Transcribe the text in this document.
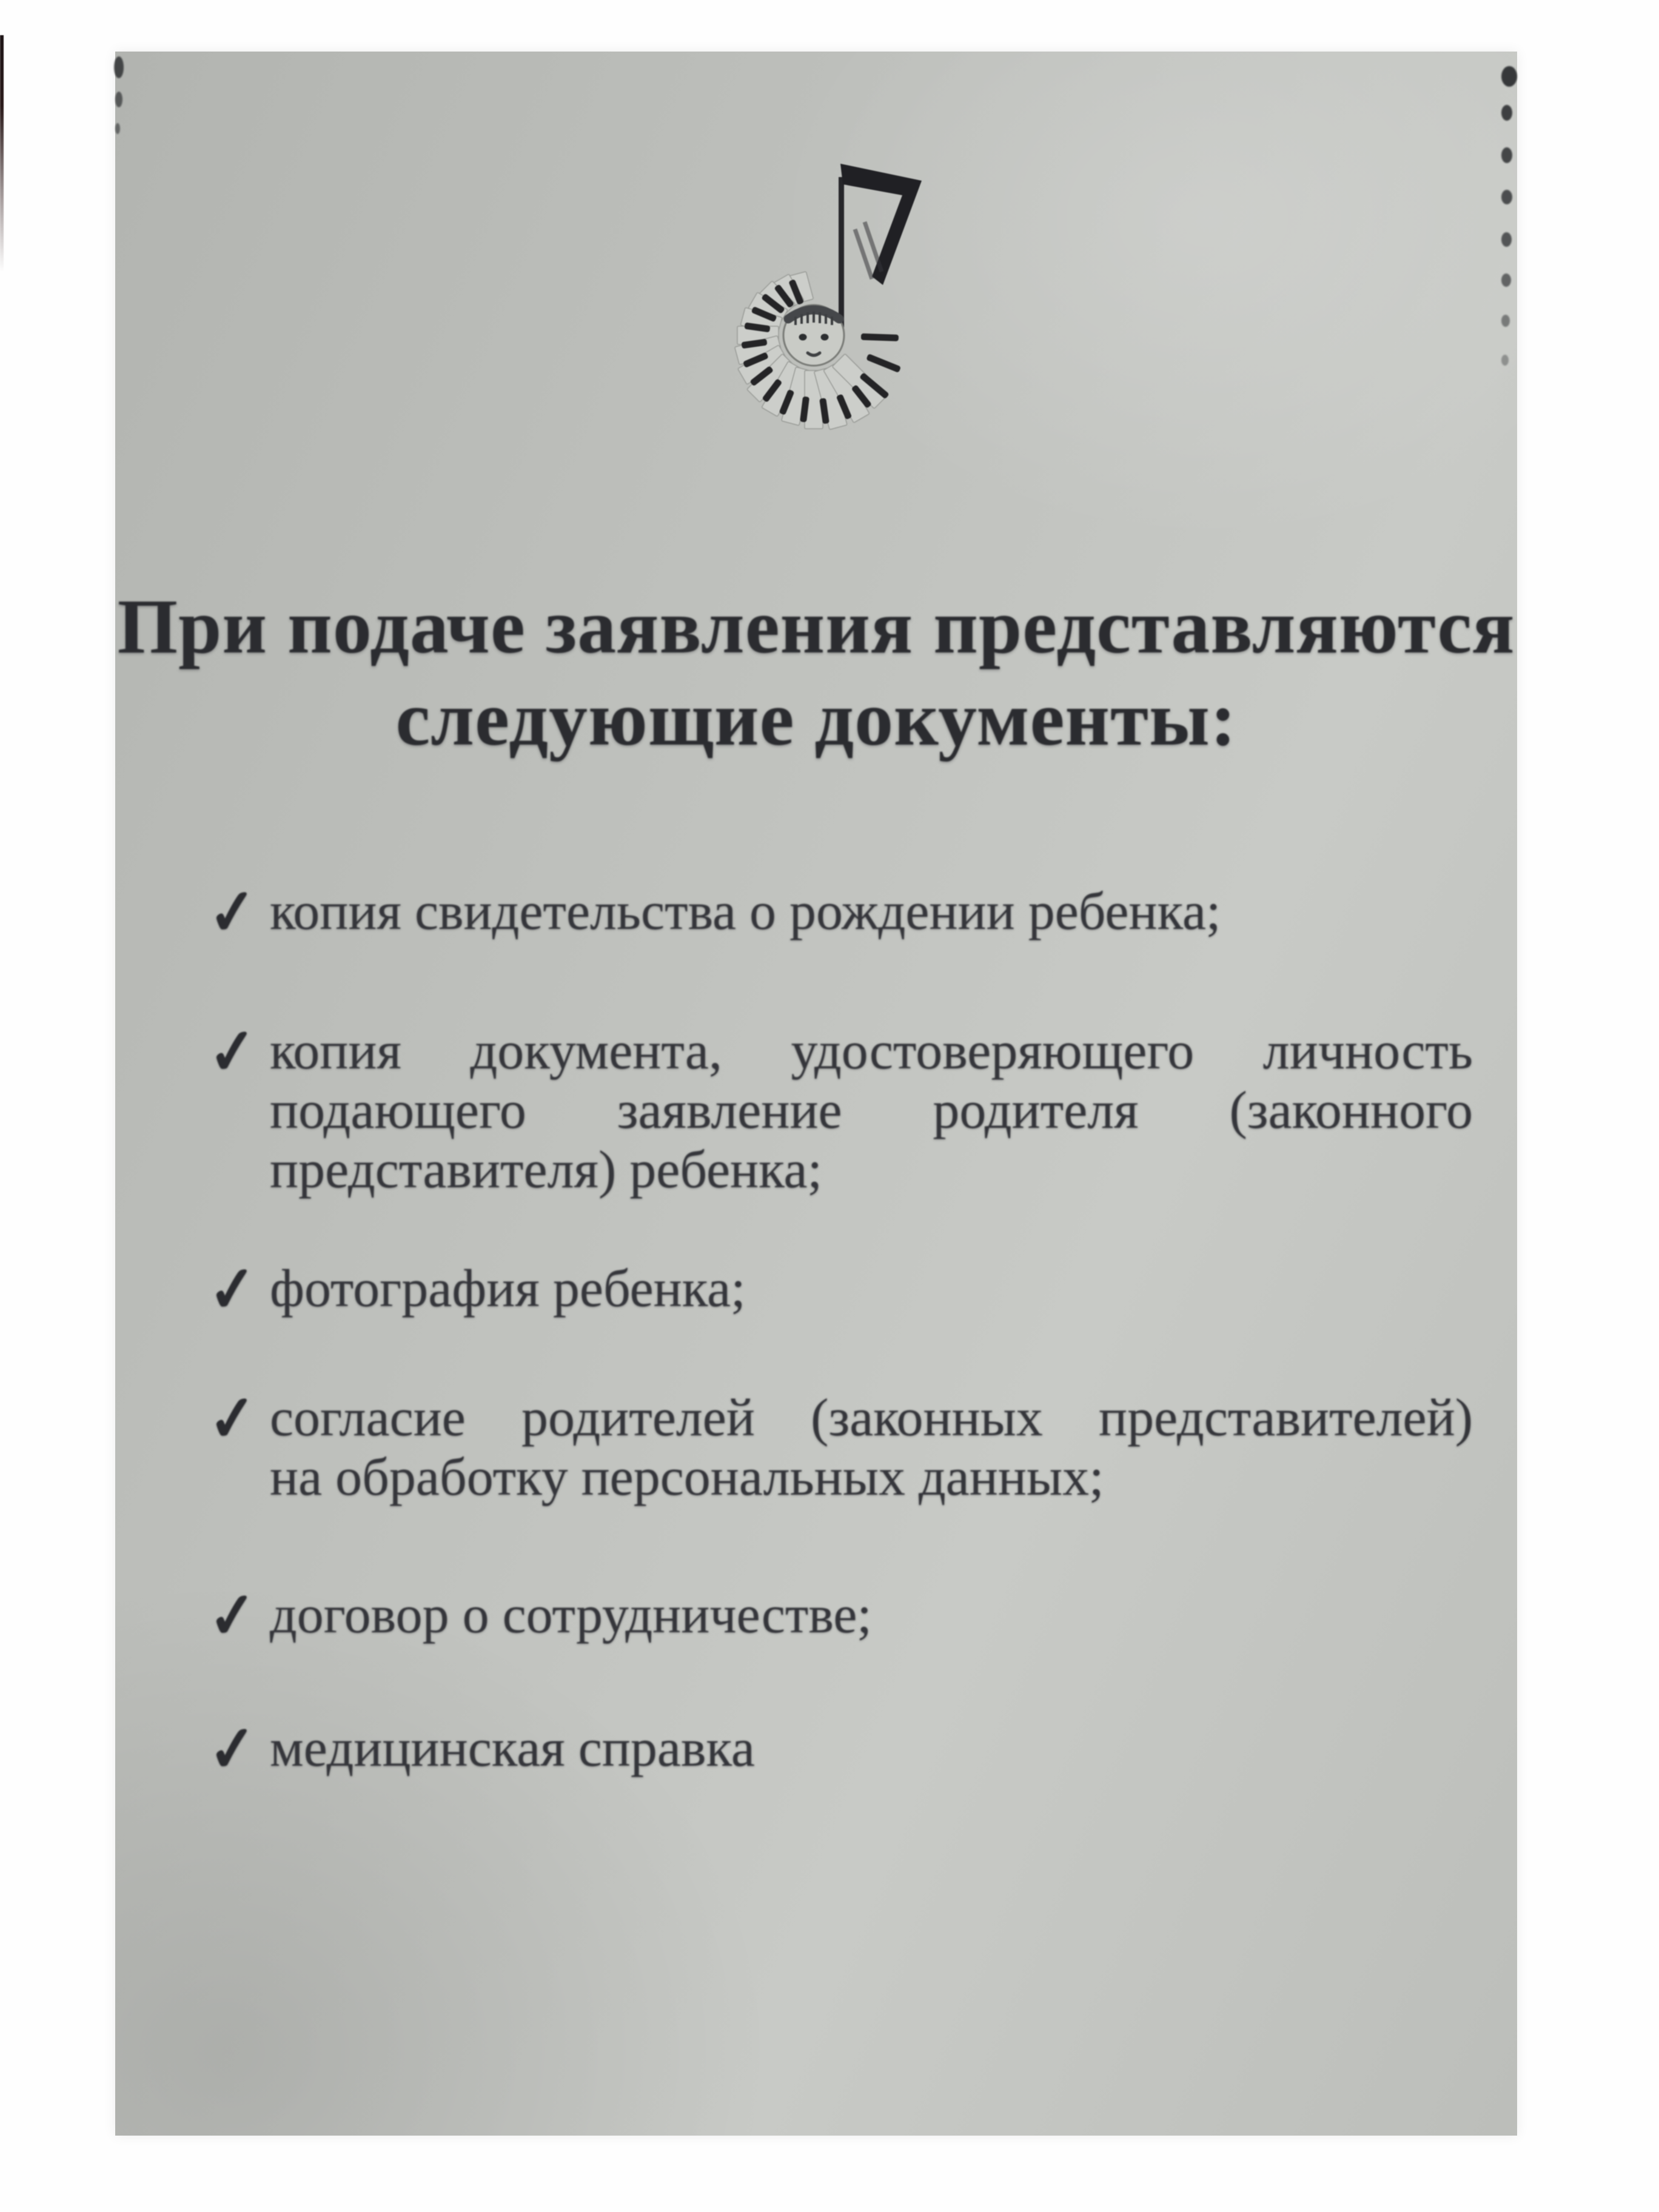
При подаче заявления представляются
следующие документы:
✓ копия свидетельства о рождении ребенка;
✓ копия документа, удостоверяющего личность
подающего заявление родителя (законного
представителя) ребенка;
✓ фотография ребенка;
✓ согласие родителей (законных представителей)
на обработку персональных данных;
✓ договор о сотрудничестве;
✓ медицинская справка
